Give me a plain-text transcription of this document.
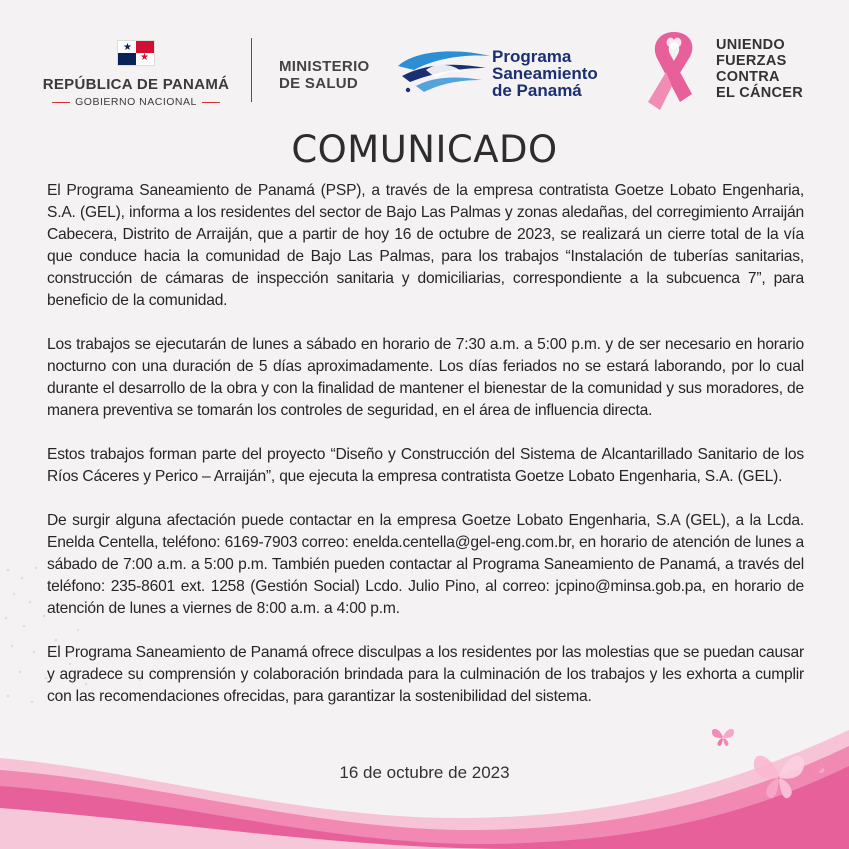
★
★
REPÚBLICA DE PANAMÁ
GOBIERNO NACIONAL
MINISTERIO
DE SALUD
Programa
Saneamiento
de Panamá
UNIENDO
FUERZAS
CONTRA
EL CÁNCER
COMUNICADO

El Programa Saneamiento de Panamá (PSP), a través de la empresa contratista Goetze Lobato Engenharia, S.A. (GEL), informa a los residentes del sector de Bajo Las Palmas y zonas aledañas, del corregimiento Arraiján Cabecera, Distrito de Arraiján, que a partir de hoy 16 de octubre de 2023, se realizará un cierre total de la vía que conduce hacia la comunidad de Bajo Las Palmas, para los trabajos “Instalación de tuberías sanitarias, construcción de cámaras de inspección sanitaria y domiciliarias, correspondiente a la subcuenca 7”, para beneficio de la comunidad.

Los trabajos se ejecutarán de lunes a sábado en horario de 7:30 a.m. a 5:00 p.m. y de ser necesario en horario nocturno con una duración de 5 días aproximadamente. Los días feriados no se estará laborando, por lo cual durante el desarrollo de la obra y con la finalidad de mantener el bienestar de la comunidad y sus moradores, de manera preventiva se tomarán los controles de seguridad, en el área de influencia directa.

Estos trabajos forman parte del proyecto “Diseño y Construcción del Sistema de Alcantarillado Sanitario de los Ríos Cáceres y Perico – Arraiján”, que ejecuta la empresa contratista Goetze Lobato Engenharia, S.A. (GEL).

De surgir alguna afectación puede contactar en la empresa Goetze Lobato Engenharia, S.A (GEL), a la Lcda. Enelda Centella, teléfono: 6169-7903 correo: enelda.centella@gel-eng.com.br, en horario de atención de lunes a sábado de 7:00 a.m. a 5:00 p.m. También pueden contactar al Programa Saneamiento de Panamá, a través del teléfono: 235-8601 ext. 1258 (Gestión Social) Lcdo. Julio Pino, al correo: jcpino@minsa.gob.pa, en horario de atención de lunes a viernes de 8:00 a.m. a 4:00 p.m.

El Programa Saneamiento de Panamá ofrece disculpas a los residentes por las molestias que se puedan causar y agradece su comprensión y colaboración brindada para la culminación de los trabajos y les exhorta a cumplir con las recomendaciones ofrecidas, para garantizar la sostenibilidad del sistema.

16 de octubre de 2023
